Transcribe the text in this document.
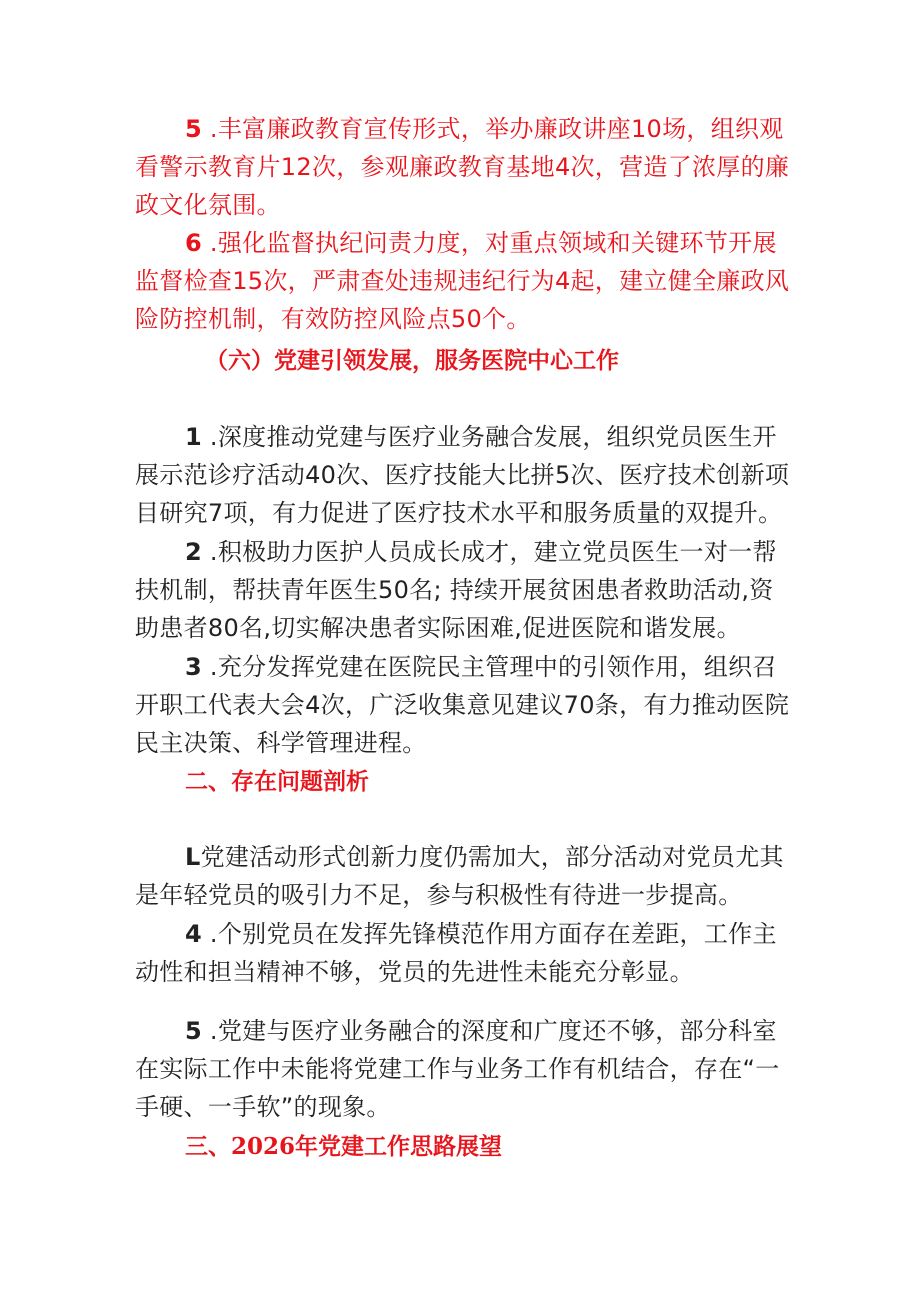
5 .丰富廉政教育宣传形式，举办廉政讲座10场，组织观看警示教育片12次，参观廉政教育基地4次，营造了浓厚的廉政文化氛围。

6 .强化监督执纪问责力度，对重点领域和关键环节开展监督检查15次，严肃查处违规违纪行为4起，建立健全廉政风险防控机制，有效防控风险点50个。

（六）党建引领发展，服务医院中心工作

1 .深度推动党建与医疗业务融合发展，组织党员医生开展示范诊疗活动40次、医疗技能大比拼5次、医疗技术创新项目研究7项，有力促进了医疗技术水平和服务质量的双提升。

2 .积极助力医护人员成长成才，建立党员医生一对一帮扶机制，帮扶青年医生50名; 持续开展贫困患者救助活动,资助患者80名,切实解决患者实际困难,促进医院和谐发展。

3 .充分发挥党建在医院民主管理中的引领作用，组织召开职工代表大会4次，广泛收集意见建议70条，有力推动医院民主决策、科学管理进程。

二、存在问题剖析

L党建活动形式创新力度仍需加大，部分活动对党员尤其是年轻党员的吸引力不足，参与积极性有待进一步提高。

4 .个别党员在发挥先锋模范作用方面存在差距，工作主动性和担当精神不够，党员的先进性未能充分彰显。

5 .党建与医疗业务融合的深度和广度还不够，部分科室在实际工作中未能将党建工作与业务工作有机结合，存在“一手硬、一手软”的现象。

三、2026年党建工作思路展望
